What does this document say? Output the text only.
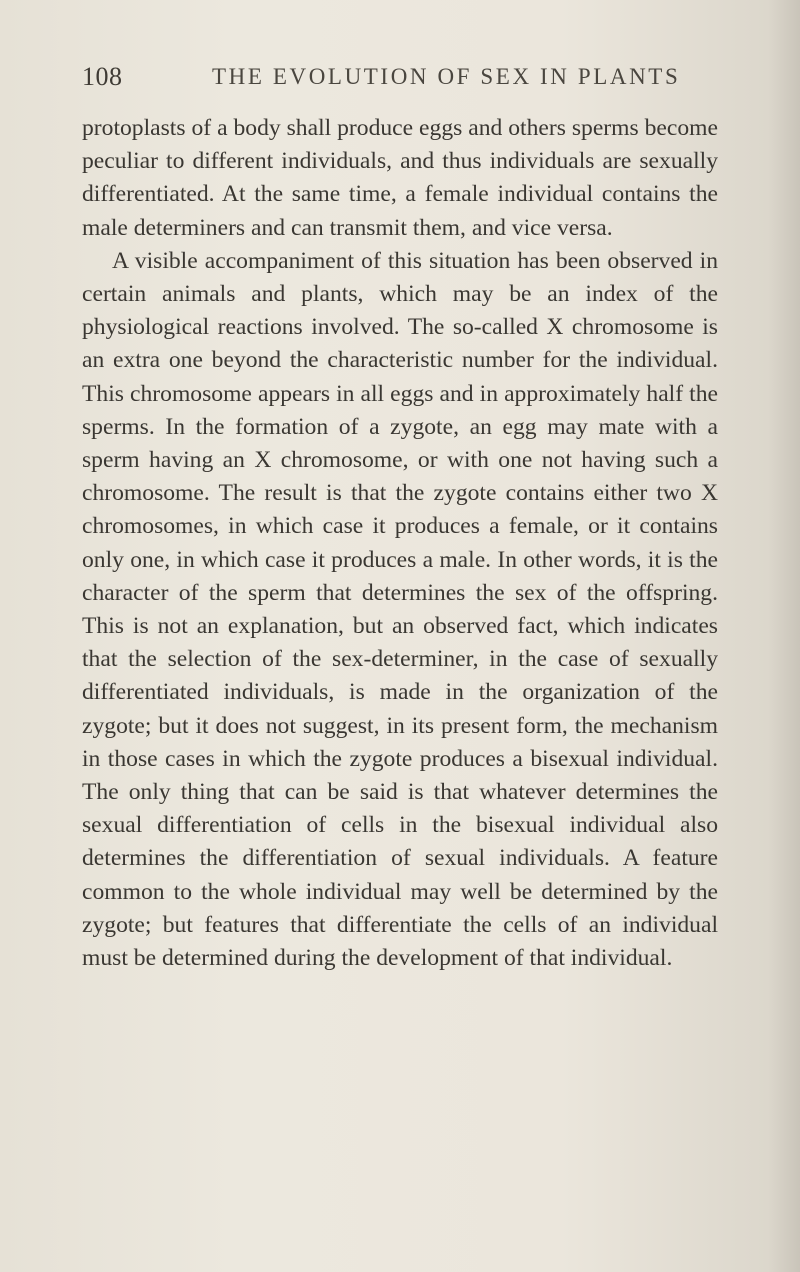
108	THE EVOLUTION OF SEX IN PLANTS

protoplasts of a body shall produce eggs and others sperms become peculiar to different individuals, and thus individuals are sexually differentiated. At the same time, a female individual contains the male determiners and can transmit them, and vice versa.

A visible accompaniment of this situation has been observed in certain animals and plants, which may be an index of the physiological reactions involved. The so-called X chromosome is an extra one beyond the characteristic number for the individual. This chromosome appears in all eggs and in approximately half the sperms. In the formation of a zygote, an egg may mate with a sperm having an X chromosome, or with one not having such a chromosome. The result is that the zygote contains either two X chromosomes, in which case it produces a female, or it contains only one, in which case it produces a male. In other words, it is the character of the sperm that determines the sex of the offspring. This is not an explanation, but an observed fact, which indicates that the selection of the sex-determiner, in the case of sexually differentiated individuals, is made in the organization of the zygote; but it does not suggest, in its present form, the mechanism in those cases in which the zygote produces a bisexual individual. The only thing that can be said is that whatever determines the sexual differentiation of cells in the bisexual individual also determines the differentiation of sexual individuals. A feature common to the whole individual may well be determined by the zygote; but features that differentiate the cells of an individual must be determined during the development of that individual.
